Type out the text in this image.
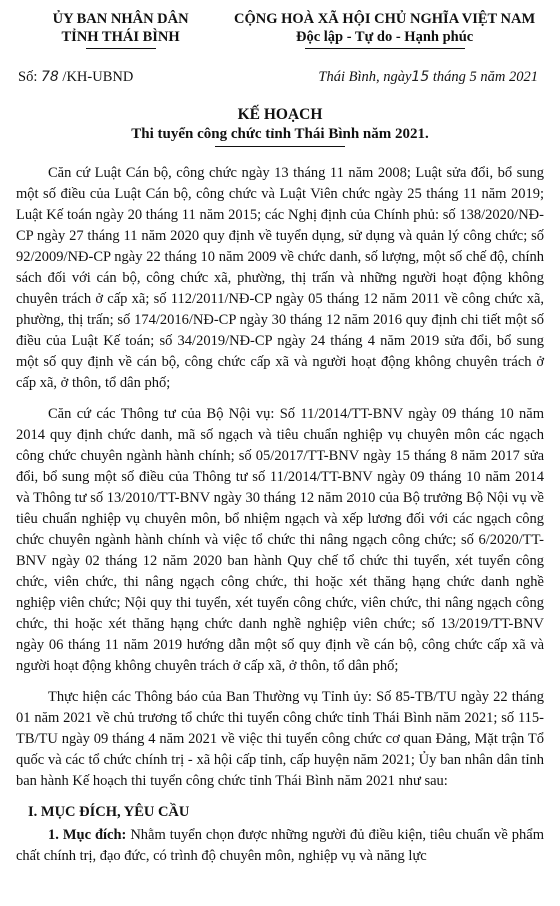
ỦY BAN NHÂN DÂN
TỈNH THÁI BÌNH
CỘNG HOÀ XÃ HỘI CHỦ NGHĨA VIỆT NAM
Độc lập - Tự do - Hạnh phúc
Số: 78 /KH-UBND	Thái Bình, ngày15 tháng 5 năm 2021
KẾ HOẠCH
Thi tuyển công chức tỉnh Thái Bình năm 2021.

Căn cứ Luật Cán bộ, công chức ngày 13 tháng 11 năm 2008; Luật sửa đổi, bổ sung một số điều của Luật Cán bộ, công chức và Luật Viên chức ngày 25 tháng 11 năm 2019; Luật Kế toán ngày 20 tháng 11 năm 2015; các Nghị định của Chính phủ: số 138/2020/NĐ-CP ngày 27 tháng 11 năm 2020 quy định về tuyển dụng, sử dụng và quản lý công chức; số 92/2009/NĐ-CP ngày 22 tháng 10 năm 2009 về chức danh, số lượng, một số chế độ, chính sách đối với cán bộ, công chức xã, phường, thị trấn và những người hoạt động không chuyên trách ở cấp xã; số 112/2011/NĐ-CP ngày 05 tháng 12 năm 2011 về công chức xã, phường, thị trấn; số 174/2016/NĐ-CP ngày 30 tháng 12 năm 2016 quy định chi tiết một số điều của Luật Kế toán; số 34/2019/NĐ-CP ngày 24 tháng 4 năm 2019 sửa đổi, bổ sung một số quy định về cán bộ, công chức cấp xã và người hoạt động không chuyên trách ở cấp xã, ở thôn, tổ dân phố;

Căn cứ các Thông tư của Bộ Nội vụ: Số 11/2014/TT-BNV ngày 09 tháng 10 năm 2014 quy định chức danh, mã số ngạch và tiêu chuẩn nghiệp vụ chuyên môn các ngạch công chức chuyên ngành hành chính; số 05/2017/TT-BNV ngày 15 tháng 8 năm 2017 sửa đổi, bổ sung một số điều của Thông tư số 11/2014/TT-BNV ngày 09 tháng 10 năm 2014 và Thông tư số 13/2010/TT-BNV ngày 30 tháng 12 năm 2010 của Bộ trưởng Bộ Nội vụ về tiêu chuẩn nghiệp vụ chuyên môn, bổ nhiệm ngạch và xếp lương đối với các ngạch công chức chuyên ngành hành chính và việc tổ chức thi nâng ngạch công chức; số 6/2020/TT-BNV ngày 02 tháng 12 năm 2020 ban hành Quy chế tổ chức thi tuyển, xét tuyển công chức, viên chức, thi nâng ngạch công chức, thi hoặc xét thăng hạng chức danh nghề nghiệp viên chức; Nội quy thi tuyển, xét tuyển công chức, viên chức, thi nâng ngạch công chức, thi hoặc xét thăng hạng chức danh nghề nghiệp viên chức; số 13/2019/TT-BNV ngày 06 tháng 11 năm 2019 hướng dẫn một số quy định về cán bộ, công chức cấp xã và người hoạt động không chuyên trách ở cấp xã, ở thôn, tổ dân phố;

Thực hiện các Thông báo của Ban Thường vụ Tỉnh ủy: Số 85-TB/TU ngày 22 tháng 01 năm 2021 về chủ trương tổ chức thi tuyển công chức tỉnh Thái Bình năm 2021; số 115-TB/TU ngày 09 tháng 4 năm 2021 về việc thi tuyển công chức cơ quan Đảng, Mặt trận Tổ quốc và các tổ chức chính trị - xã hội cấp tỉnh, cấp huyện năm 2021; Ủy ban nhân dân tỉnh ban hành Kế hoạch thi tuyển công chức tỉnh Thái Bình năm 2021 như sau:

I. MỤC ĐÍCH, YÊU CẦU

1. Mục đích: Nhằm tuyển chọn được những người đủ điều kiện, tiêu chuẩn về phẩm chất chính trị, đạo đức, có trình độ chuyên môn, nghiệp vụ và năng lực
